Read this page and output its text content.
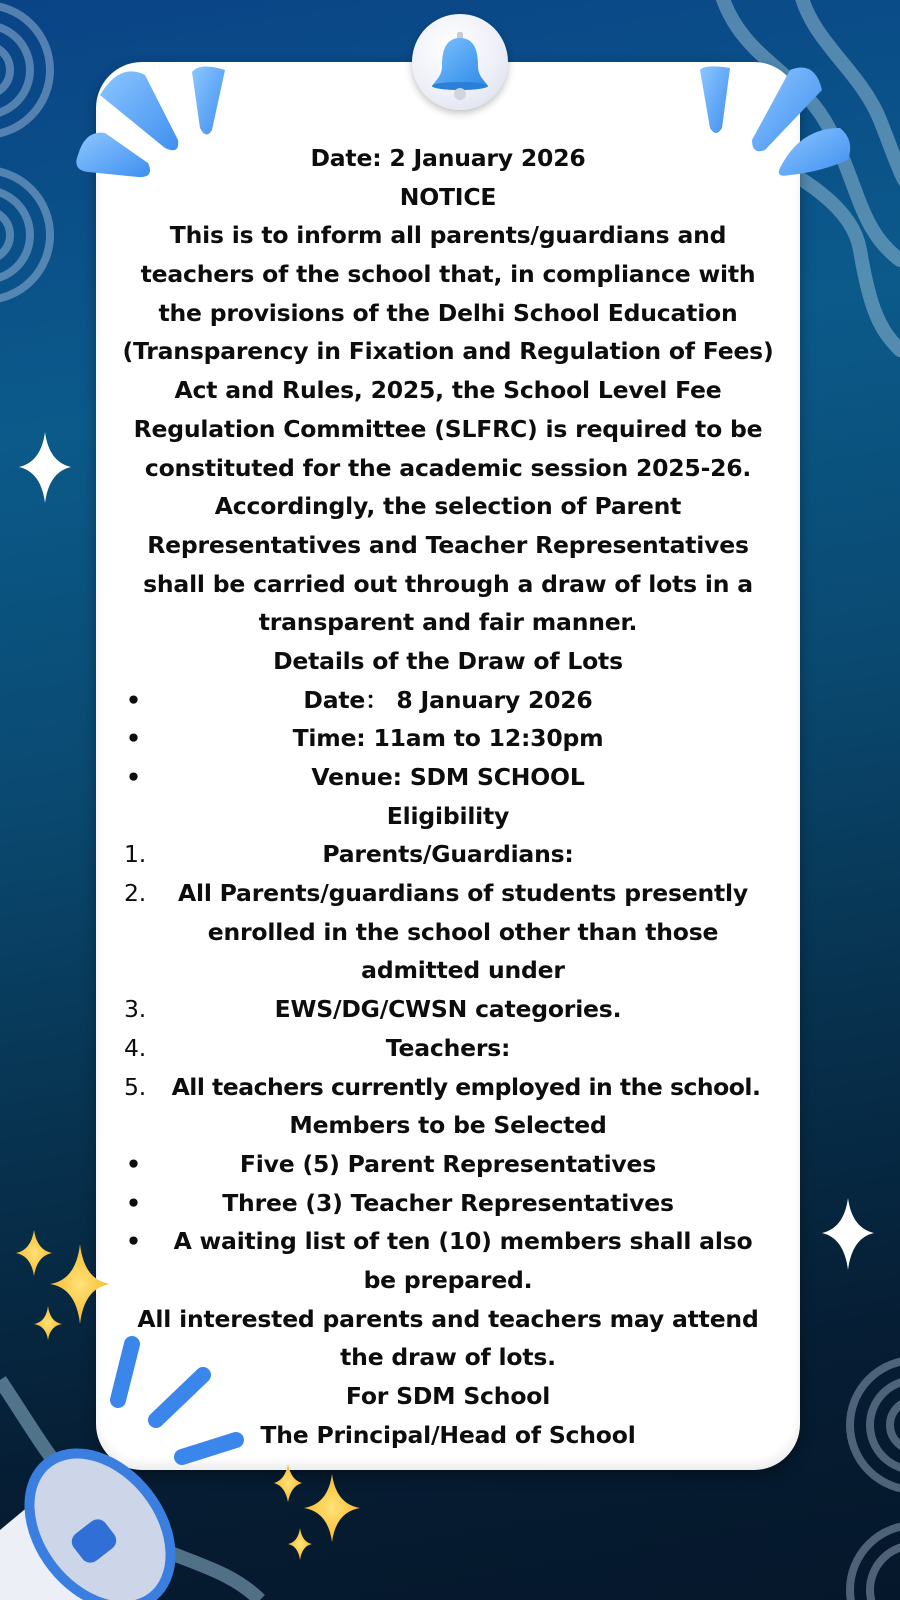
Date: 2 January 2026
NOTICE
This is to inform all parents/guardians and
teachers of the school that, in compliance with
the provisions of the Delhi School Education
(Transparency in Fixation and Regulation of Fees)
Act and Rules, 2025, the School Level Fee
Regulation Committee (SLFRC) is required to be
constituted for the academic session 2025-26.
Accordingly, the selection of Parent
Representatives and Teacher Representatives
shall be carried out through a draw of lots in a
transparent and fair manner.
Details of the Draw of Lots
•	Date： 8 January 2026
•	Time: 11am to 12:30pm
•	Venue: SDM SCHOOL
Eligibility
1.	Parents/Guardians:
2. All Parents/guardians of students presently
enrolled in the school other than those
admitted under
3.	EWS/DG/CWSN categories.
4.	Teachers:
5. All teachers currently employed in the school.
Members to be Selected
•	Five (5) Parent Representatives
•	Three (3) Teacher Representatives
• A waiting list of ten (10) members shall also
be prepared.
All interested parents and teachers may attend
the draw of lots.
For SDM School
The Principal/Head of School
